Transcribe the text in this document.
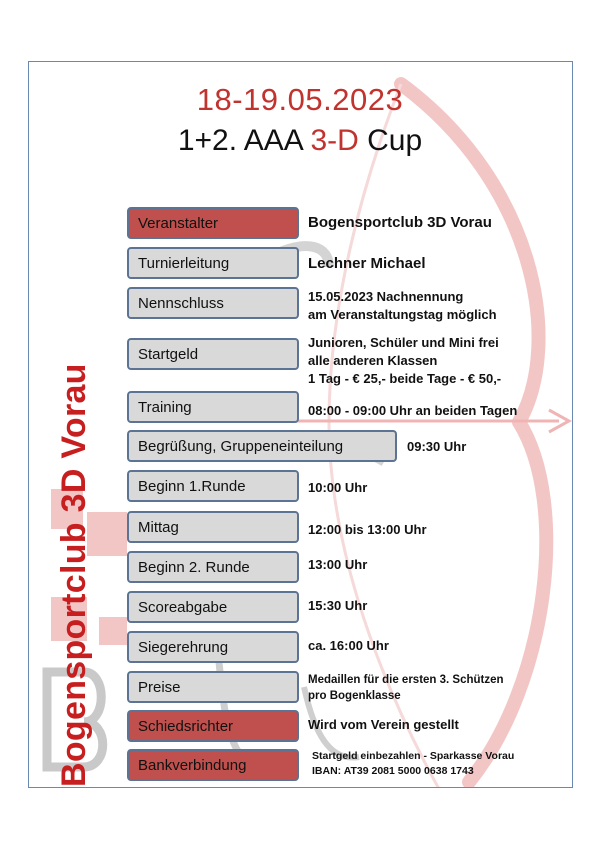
18-19.05.2023
1+2. AAA 3-D Cup
Bogensportclub 3D Vorau
Veranstalter
Turnierleitung
Nennschluss
Startgeld
Training
Begrüßung, Gruppeneinteilung
Beginn 1.Runde
Mittag
Beginn 2. Runde
Scoreabgabe
Siegerehrung
Preise
Schiedsrichter
Bankverbindung
Bogensportclub 3D Vorau
Lechner Michael
15.05.2023 Nachnennung
am Veranstaltungstag möglich
Junioren, Schüler und Mini frei
alle anderen Klassen
1 Tag - € 25,- beide Tage - € 50,-
08:00 - 09:00 Uhr an beiden Tagen
09:30 Uhr
10:00 Uhr
12:00 bis 13:00 Uhr
13:00 Uhr
15:30 Uhr
ca. 16:00 Uhr
Medaillen für die ersten 3. Schützen
pro Bogenklasse
Wird vom Verein gestellt
Startgeld einbezahlen - Sparkasse Vorau
IBAN: AT39 2081 5000 0638 1743
